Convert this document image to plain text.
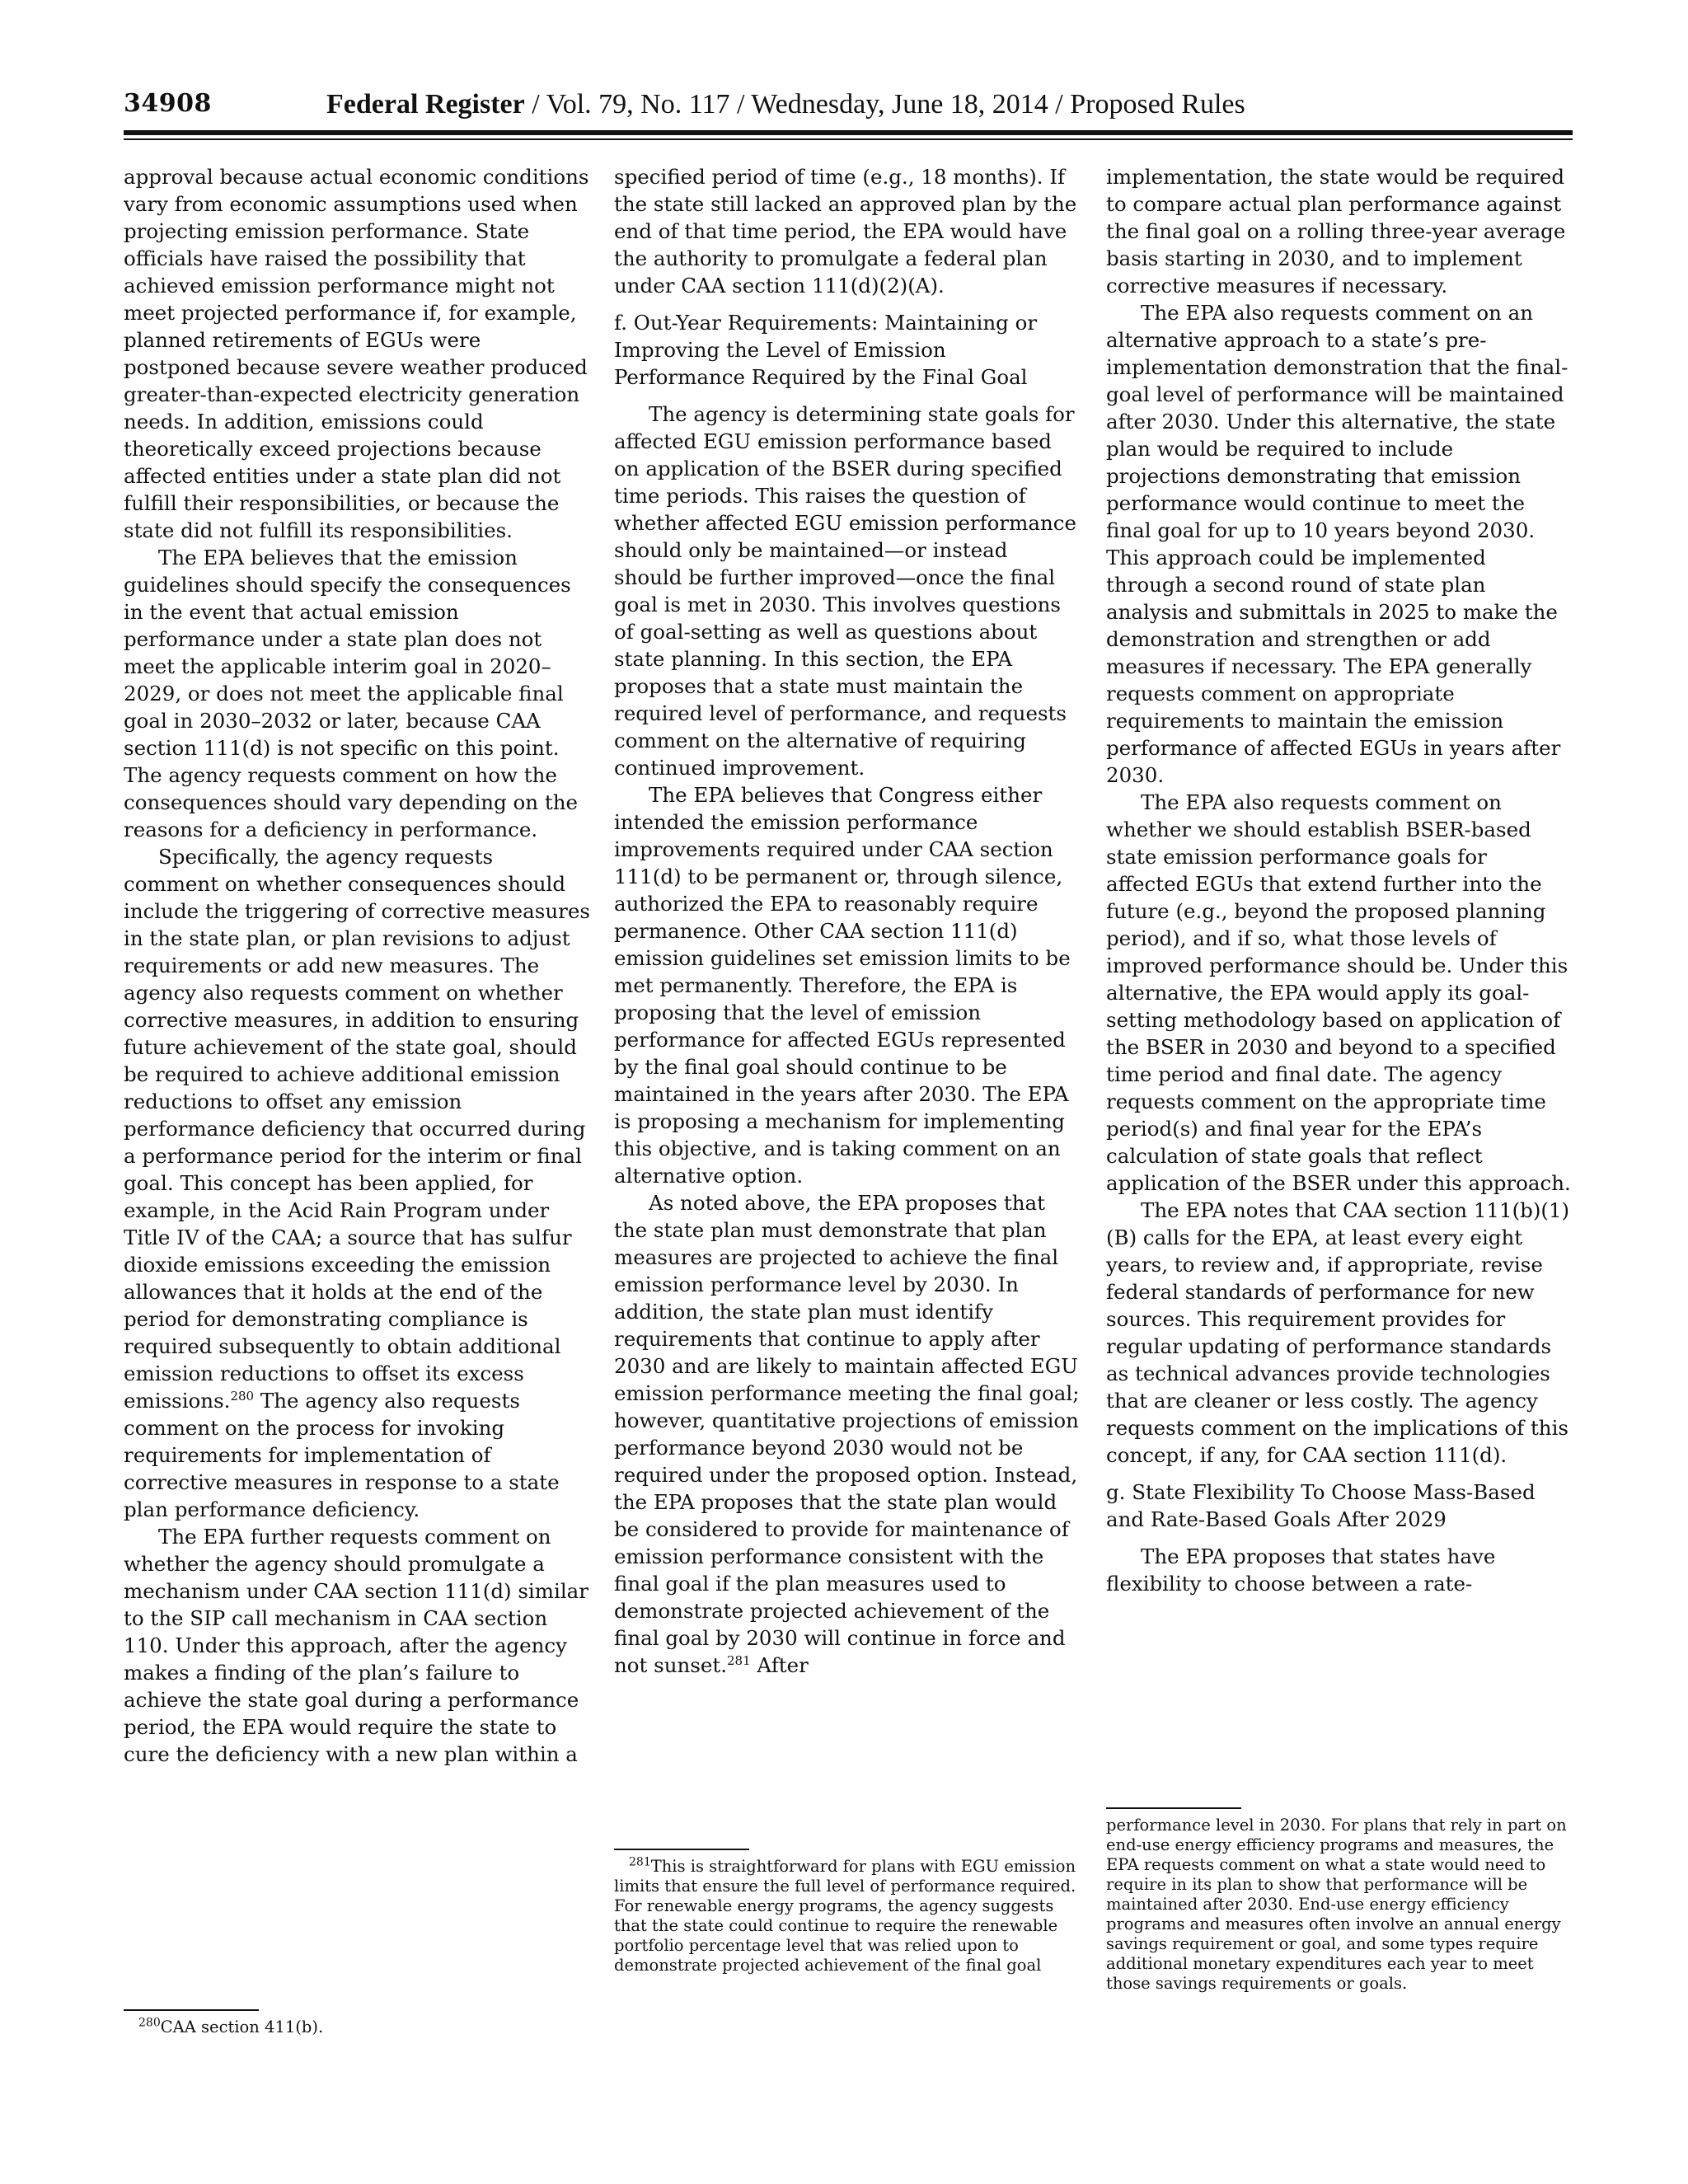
34908	Federal Register / Vol. 79, No. 117 / Wednesday, June 18, 2014 / Proposed Rules

approval because actual economic conditions vary from economic assumptions used when projecting emission performance. State officials have raised the possibility that achieved emission performance might not meet projected performance if, for example, planned retirements of EGUs were postponed because severe weather produced greater-than-expected electricity generation needs. In addition, emissions could theoretically exceed projections because affected entities under a state plan did not fulfill their responsibilities, or because the state did not fulfill its responsibilities.

The EPA believes that the emission guidelines should specify the consequences in the event that actual emission performance under a state plan does not meet the applicable interim goal in 2020–2029, or does not meet the applicable final goal in 2030–2032 or later, because CAA section 111(d) is not specific on this point. The agency requests comment on how the consequences should vary depending on the reasons for a deficiency in performance.

Specifically, the agency requests comment on whether consequences should include the triggering of corrective measures in the state plan, or plan revisions to adjust requirements or add new measures. The agency also requests comment on whether corrective measures, in addition to ensuring future achievement of the state goal, should be required to achieve additional emission reductions to offset any emission performance deficiency that occurred during a performance period for the interim or final goal. This concept has been applied, for example, in the Acid Rain Program under Title IV of the CAA; a source that has sulfur dioxide emissions exceeding the emission allowances that it holds at the end of the period for demonstrating compliance is required subsequently to obtain additional emission reductions to offset its excess emissions.$^{280}$ The agency also requests comment on the process for invoking requirements for implementation of corrective measures in response to a state plan performance deficiency.

The EPA further requests comment on whether the agency should promulgate a mechanism under CAA section 111(d) similar to the SIP call mechanism in CAA section 110. Under this approach, after the agency makes a finding of the plan’s failure to achieve the state goal during a performance period, the EPA would require the state to cure the deficiency with a new plan within a

specified period of time (e.g., 18 months). If the state still lacked an approved plan by the end of that time period, the EPA would have the authority to promulgate a federal plan under CAA section 111(d)(2)(A).

f. Out-Year Requirements: Maintaining or Improving the Level of Emission Performance Required by the Final Goal

The agency is determining state goals for affected EGU emission performance based on application of the BSER during specified time periods. This raises the question of whether affected EGU emission performance should only be maintained—or instead should be further improved—once the final goal is met in 2030. This involves questions of goal-setting as well as questions about state planning. In this section, the EPA proposes that a state must maintain the required level of performance, and requests comment on the alternative of requiring continued improvement.

The EPA believes that Congress either intended the emission performance improvements required under CAA section 111(d) to be permanent or, through silence, authorized the EPA to reasonably require permanence. Other CAA section 111(d) emission guidelines set emission limits to be met permanently. Therefore, the EPA is proposing that the level of emission performance for affected EGUs represented by the final goal should continue to be maintained in the years after 2030. The EPA is proposing a mechanism for implementing this objective, and is taking comment on an alternative option.

As noted above, the EPA proposes that the state plan must demonstrate that plan measures are projected to achieve the final emission performance level by 2030. In addition, the state plan must identify requirements that continue to apply after 2030 and are likely to maintain affected EGU emission performance meeting the final goal; however, quantitative projections of emission performance beyond 2030 would not be required under the proposed option. Instead, the EPA proposes that the state plan would be considered to provide for maintenance of emission performance consistent with the final goal if the plan measures used to demonstrate projected achievement of the final goal by 2030 will continue in force and not sunset.$^{281}$ After

implementation, the state would be required to compare actual plan performance against the final goal on a rolling three-year average basis starting in 2030, and to implement corrective measures if necessary.

The EPA also requests comment on an alternative approach to a state’s pre-implementation demonstration that the final-goal level of performance will be maintained after 2030. Under this alternative, the state plan would be required to include projections demonstrating that emission performance would continue to meet the final goal for up to 10 years beyond 2030. This approach could be implemented through a second round of state plan analysis and submittals in 2025 to make the demonstration and strengthen or add measures if necessary. The EPA generally requests comment on appropriate requirements to maintain the emission performance of affected EGUs in years after 2030.

The EPA also requests comment on whether we should establish BSER-based state emission performance goals for affected EGUs that extend further into the future (e.g., beyond the proposed planning period), and if so, what those levels of improved performance should be. Under this alternative, the EPA would apply its goal-setting methodology based on application of the BSER in 2030 and beyond to a specified time period and final date. The agency requests comment on the appropriate time period(s) and final year for the EPA’s calculation of state goals that reflect application of the BSER under this approach.

The EPA notes that CAA section 111(b)(1)(B) calls for the EPA, at least every eight years, to review and, if appropriate, revise federal standards of performance for new sources. This requirement provides for regular updating of performance standards as technical advances provide technologies that are cleaner or less costly. The agency requests comment on the implications of this concept, if any, for CAA section 111(d).

g. State Flexibility To Choose Mass-Based and Rate-Based Goals After 2029

The EPA proposes that states have flexibility to choose between a rate-

$^{280}$CAA section 411(b).

$^{281}$This is straightforward for plans with EGU emission limits that ensure the full level of performance required. For renewable energy programs, the agency suggests that the state could continue to require the renewable portfolio percentage level that was relied upon to demonstrate projected achievement of the final goal

performance level in 2030. For plans that rely in part on end-use energy efficiency programs and measures, the EPA requests comment on what a state would need to require in its plan to show that performance will be maintained after 2030. End-use energy efficiency programs and measures often involve an annual energy savings requirement or goal, and some types require additional monetary expenditures each year to meet those savings requirements or goals.
